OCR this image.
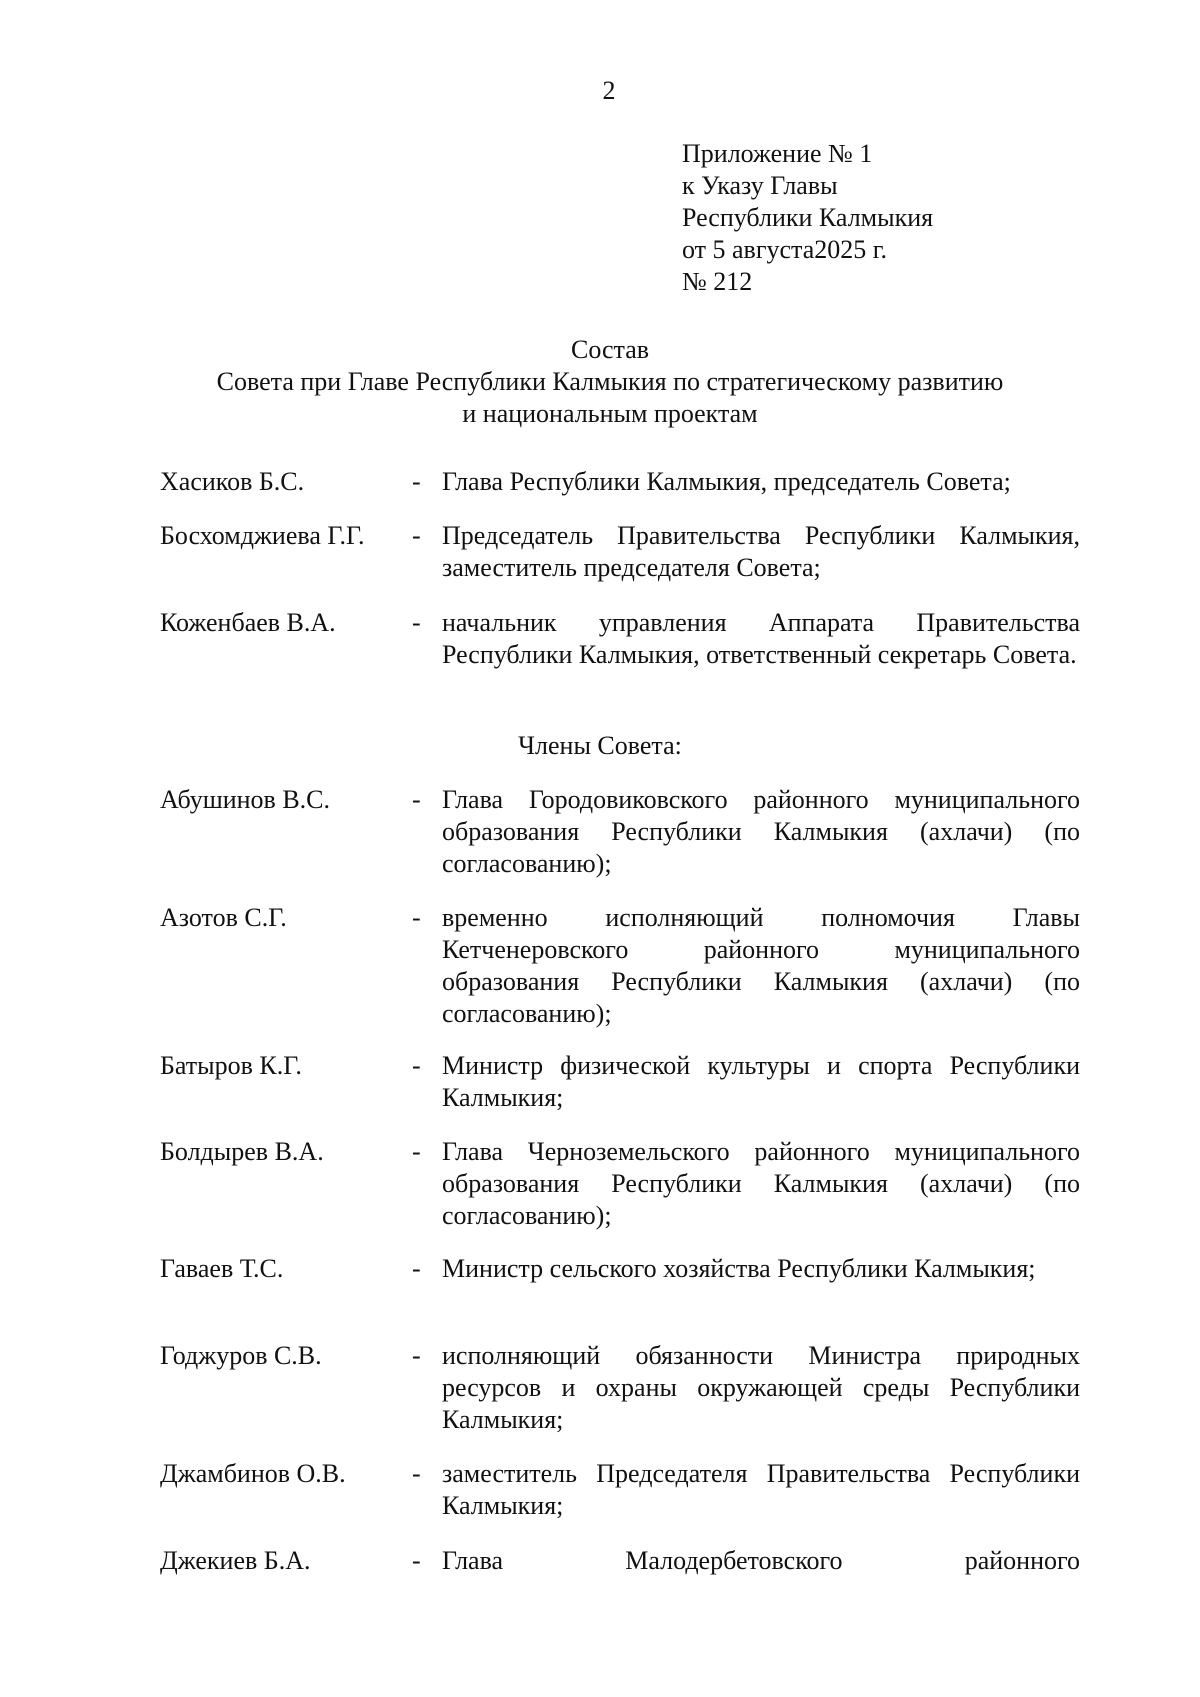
2
Приложение № 1
к Указу Главы
Республики Калмыкия
от 5 августа2025 г.
№ 212
Состав
Совета при Главе Республики Калмыкия по стратегическому развитию
и национальным проектам
Хасиков Б.С.	- Глава Республики Калмыкия, председатель Совета;
Босхомджиева Г.Г.	- Председатель Правительства Республики Калмыкия, заместитель председателя Совета;
Коженбаев В.А.	- начальник управления Аппарата Правительства Республики Калмыкия, ответственный секретарь Совета.
Члены Совета:
Абушинов В.С.	- Глава Городовиковского районного муниципального образования Республики Калмыкия (ахлачи) (по согласованию);
Азотов С.Г.	- временно исполняющий полномочия Главы Кетченеровского районного муниципального образования Республики Калмыкия (ахлачи) (по согласованию);
Батыров К.Г.	- Министр физической культуры и спорта Республики Калмыкия;
Болдырев В.А.	- Глава Черноземельского районного муниципального образования Республики Калмыкия (ахлачи) (по согласованию);
Гаваев Т.С.	- Министр сельского хозяйства Республики Калмыкия;
Годжуров С.В.	- исполняющий обязанности Министра природных ресурсов и охраны окружающей среды Республики Калмыкия;
Джамбинов О.В.	- заместитель Председателя Правительства Республики Калмыкия;
Джекиев Б.А.	- Глава Малодербетовского районного
